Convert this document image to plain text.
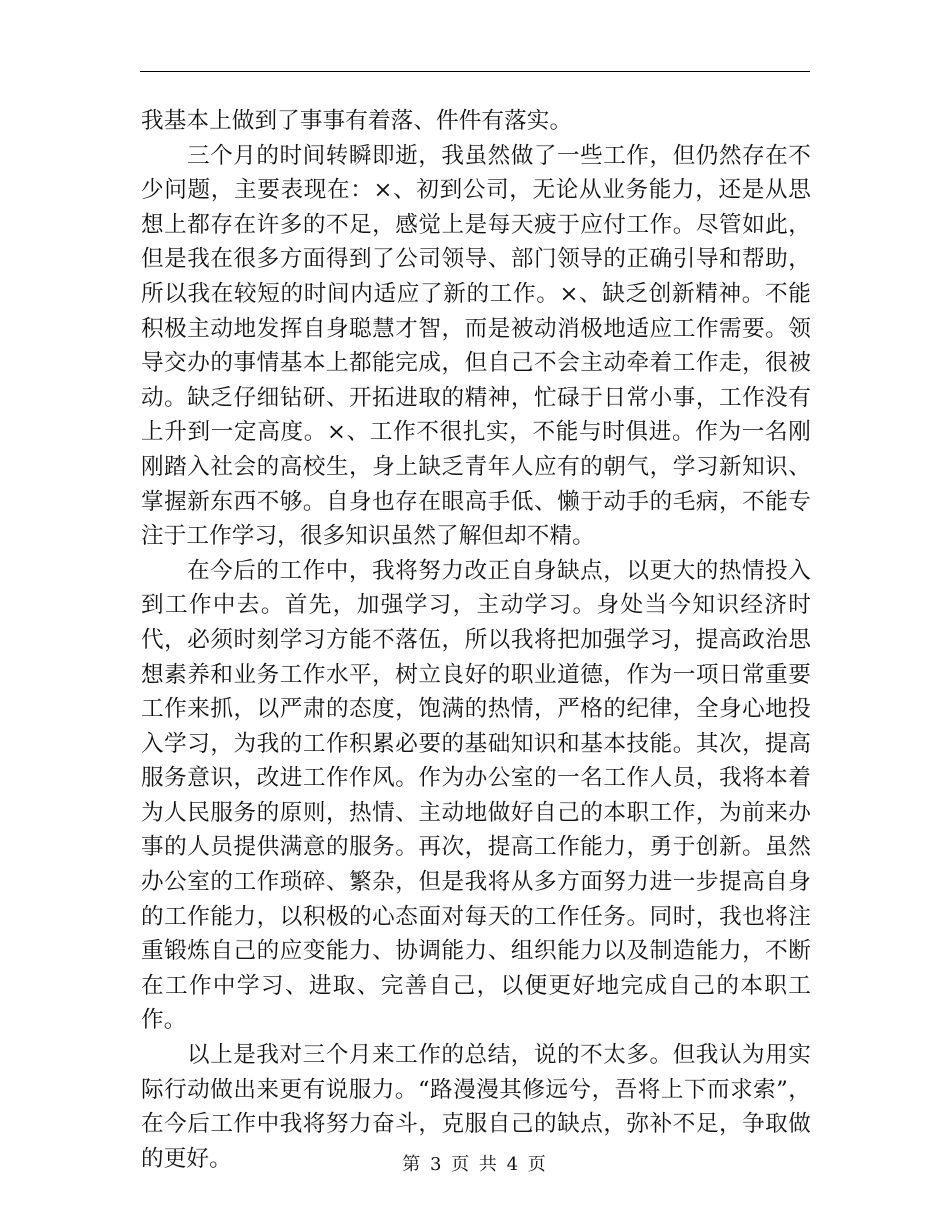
我基本上做到了事事有着落、件件有落实。

三个月的时间转瞬即逝，我虽然做了一些工作，但仍然存在不少问题，主要表现在：×、初到公司，无论从业务能力，还是从思想上都存在许多的不足，感觉上是每天疲于应付工作。尽管如此，但是我在很多方面得到了公司领导、部门领导的正确引导和帮助，所以我在较短的时间内适应了新的工作。×、缺乏创新精神。不能积极主动地发挥自身聪慧才智，而是被动消极地适应工作需要。领导交办的事情基本上都能完成，但自己不会主动牵着工作走，很被动。缺乏仔细钻研、开拓进取的精神，忙碌于日常小事，工作没有上升到一定高度。×、工作不很扎实，不能与时俱进。作为一名刚刚踏入社会的高校生，身上缺乏青年人应有的朝气，学习新知识、掌握新东西不够。自身也存在眼高手低、懒于动手的毛病，不能专注于工作学习，很多知识虽然了解但却不精。

在今后的工作中，我将努力改正自身缺点，以更大的热情投入到工作中去。首先，加强学习，主动学习。身处当今知识经济时代，必须时刻学习方能不落伍，所以我将把加强学习，提高政治思想素养和业务工作水平，树立良好的职业道德，作为一项日常重要工作来抓，以严肃的态度，饱满的热情，严格的纪律，全身心地投入学习，为我的工作积累必要的基础知识和基本技能。其次，提高服务意识，改进工作作风。作为办公室的一名工作人员，我将本着为人民服务的原则，热情、主动地做好自己的本职工作，为前来办事的人员提供满意的服务。再次，提高工作能力，勇于创新。虽然办公室的工作琐碎、繁杂，但是我将从多方面努力进一步提高自身的工作能力，以积极的心态面对每天的工作任务。同时，我也将注重锻炼自己的应变能力、协调能力、组织能力以及制造能力，不断在工作中学习、进取、完善自己，以便更好地完成自己的本职工作。

以上是我对三个月来工作的总结，说的不太多。但我认为用实际行动做出来更有说服力。“路漫漫其修远兮，吾将上下而求索”，在今后工作中我将努力奋斗，克服自己的缺点，弥补不足，争取做的更好。	第 3 页 共 4 页
